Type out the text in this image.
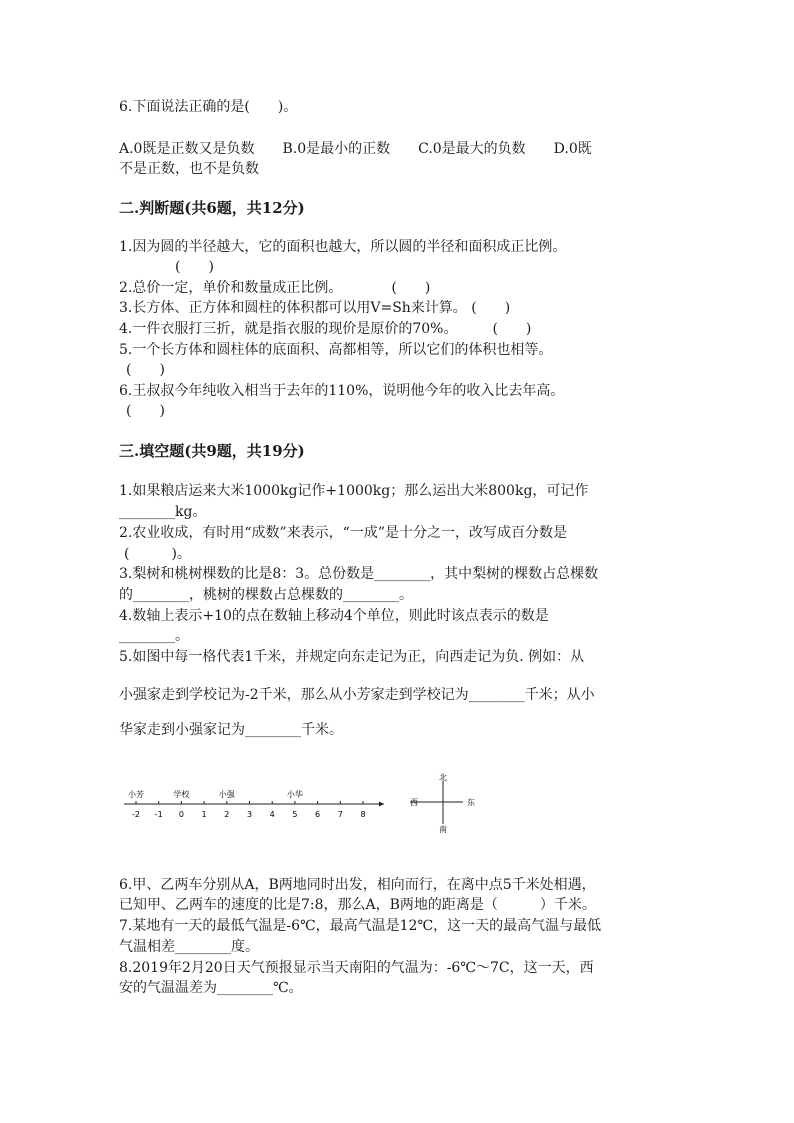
6.下面说法正确的是(　　)。
A.0既是正数又是负数　　B.0是最小的正数　　C.0是最大的负数　　D.0既
不是正数，也不是负数
二.判断题(共6题，共12分)
1.因为圆的半径越大，它的面积也越大，所以圆的半径和面积成正比例。
(　　)
2.总价一定，单价和数量成正比例。　　　　(　　)
3.长方体、正方体和圆柱的体积都可以用V=Sh来计算。 (　　)
4.一件衣服打三折，就是指衣服的现价是原价的70%。　　　(　　)
5.一个长方体和圆柱体的底面积、高都相等，所以它们的体积也相等。
(　　)
6.王叔叔今年纯收入相当于去年的110%，说明他今年的收入比去年高。
(　　)
三.填空题(共9题，共19分)
1.如果粮店运来大米1000kg记作+1000kg；那么运出大米800kg，可记作
________kg。
2.农业收成，有时用“成数”来表示，“一成”是十分之一，改写成百分数是
(　　　)。
3.梨树和桃树棵数的比是8：3。总份数是________，其中梨树的棵数占总棵数
的________，桃树的棵数占总棵数的________。
4.数轴上表示+10的点在数轴上移动4个单位，则此时该点表示的数是
________。
5.如图中每一格代表1千米，并规定向东走记为正，向西走记为负. 例如：从
小强家走到学校记为-2千米，那么从小芳家走到学校记为________千米；从小
华家走到小强家记为________千米。
-2 -1 0 1 2 3 4 5 6 7 8
小芳	学校	小强	小华
北
南
西	东
6.甲、乙两车分别从A，B两地同时出发，相向而行，在离中点5千米处相遇，
已知甲、乙两车的速度的比是7:8，那么A，B两地的距离是（　　　）千米。
7.某地有一天的最低气温是-6℃，最高气温是12℃，这一天的最高气温与最低
气温相差________度。
8.2019年2月20日天气预报显示当天南阳的气温为：-6℃～7C，这一天，西
安的气温温差为________℃。
